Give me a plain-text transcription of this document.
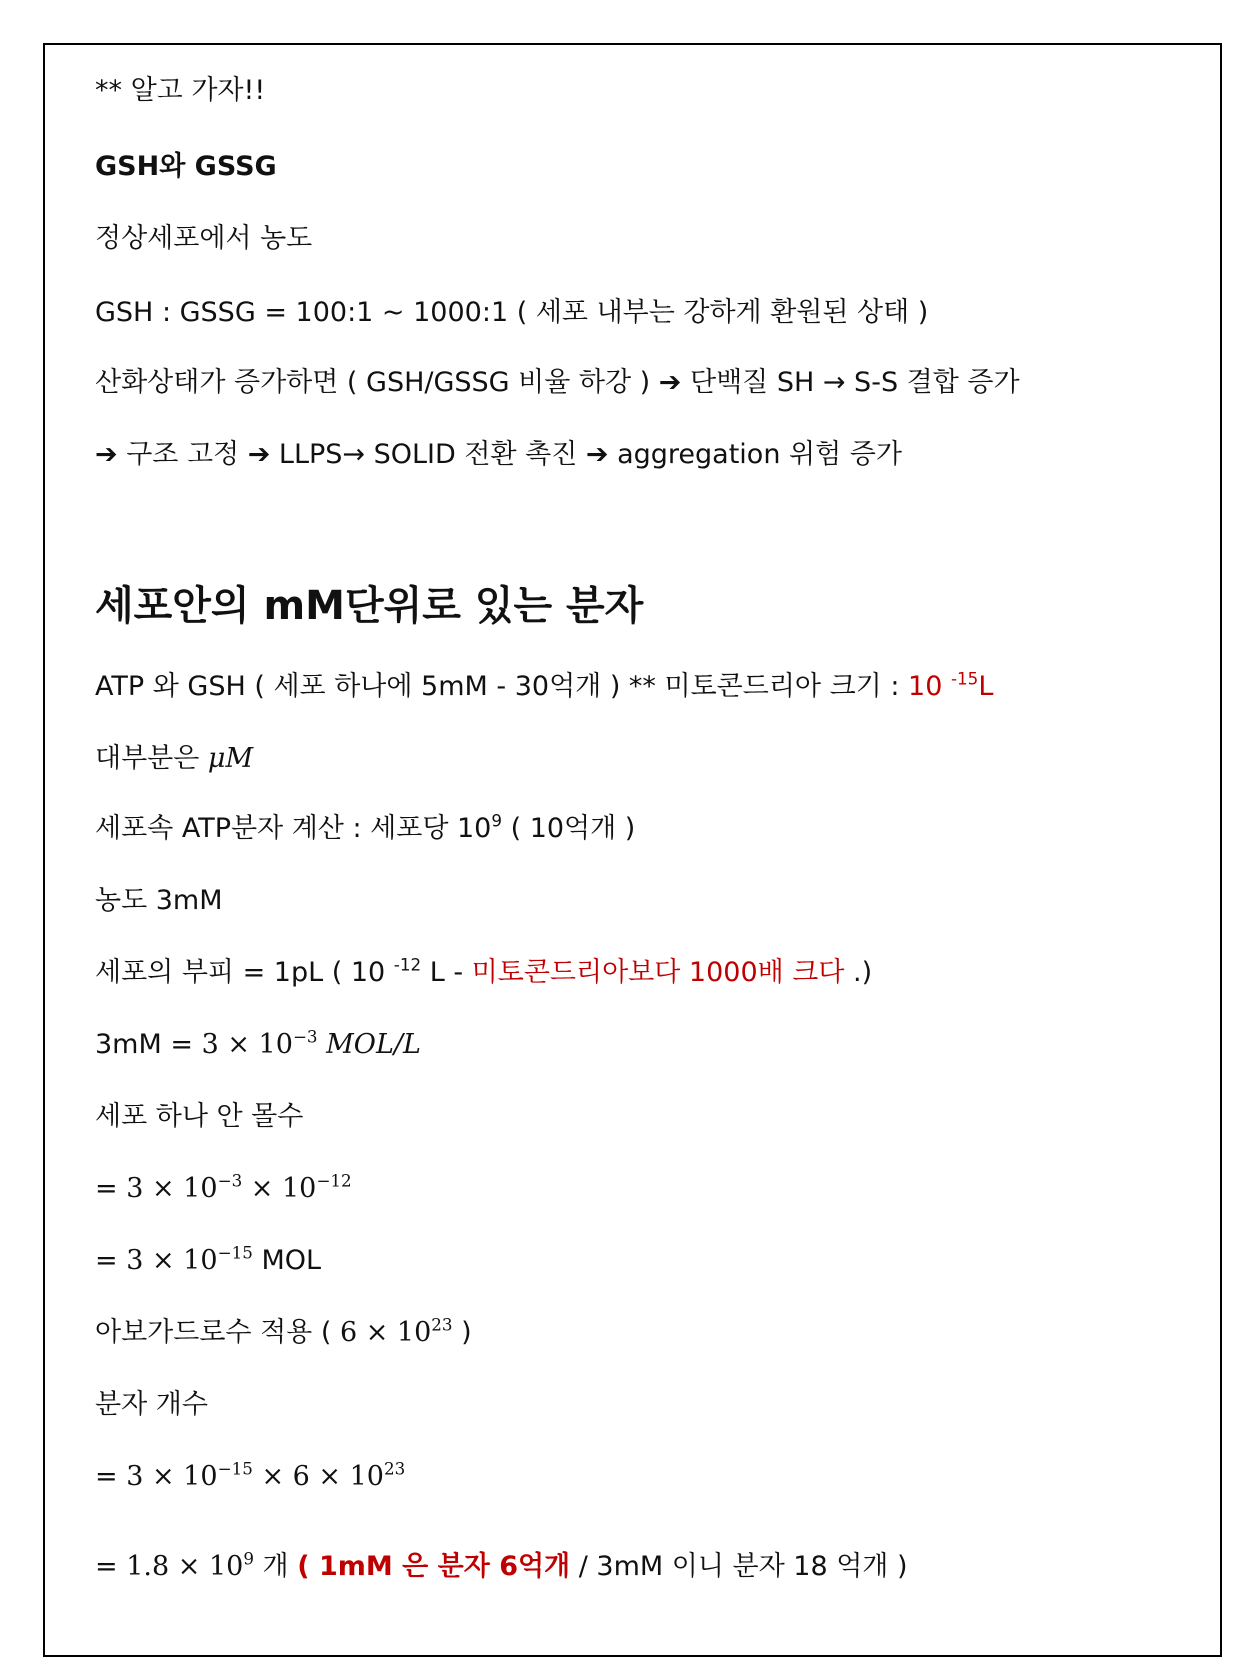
** 알고 가자!!
GSH와 GSSG
정상세포에서 농도
GSH : GSSG = 100:1 ~ 1000:1 ( 세포 내부는 강하게 환원된 상태 )
산화상태가 증가하면 ( GSH/GSSG 비율 하강 ) ➔ 단백질 SH → S-S 결합 증가
➔ 구조 고정 ➔ LLPS→ SOLID 전환 촉진 ➔ aggregation 위험 증가
세포안의 mM단위로 있는 분자
ATP 와 GSH ( 세포 하나에 5mM - 30억개 ) ** 미토콘드리아 크기 : 10 $^{-15}$L
대부분은 μM
세포속 ATP분자 계산 : 세포당 $10^9$ ( 10억개 )
농도 3mM
세포의 부피 = 1pL ( 10 $^{-12}$ L - 미토콘드리아보다 1000배 크다 .)
$3mM = 3 \times 10^{-3}$ MOL/L
세포 하나 안 몰수
= $3 \times 10^{-3} \times 10^{-12}$
= $3 \times 10^{-15}$ MOL
아보가드로수 적용 ( $6 \times 10^{23}$ )
분자 개수
= $3 \times 10^{-15} \times 6 \times 10^{23}$
= $1.8 \times 10^9$ 개 ( 1mM 은 분자 6억개 / 3mM 이니 분자 18 억개 )
